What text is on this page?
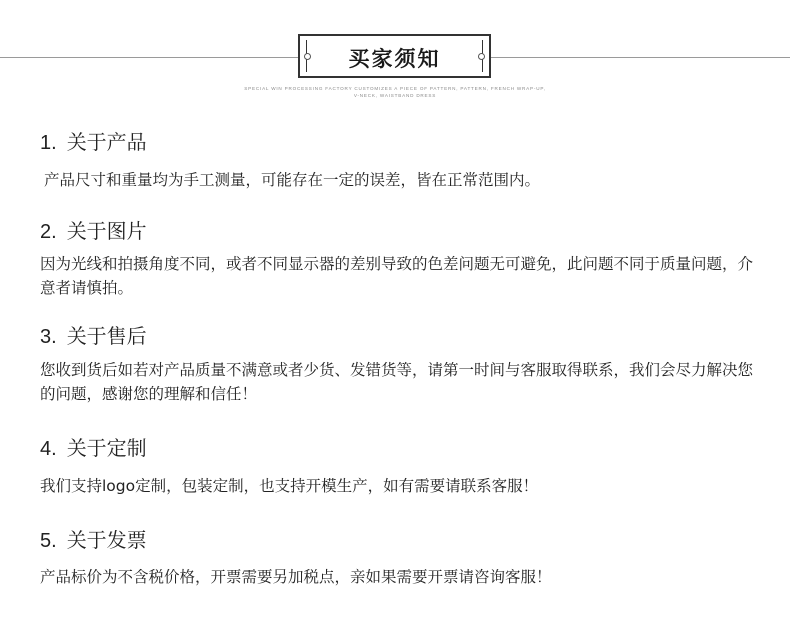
买家须知
SPECIAL WIN PROCESSING FACTORY CUSTOMIZES A PIECE OF PATTERN, PATTERN, FRENCH WRAP-UP,
V-NECK, WAISTBAND DRESS
1. 关于产品
产品尺寸和重量均为手工测量，可能存在一定的误差，皆在正常范围内。
2. 关于图片
因为光线和拍摄角度不同，或者不同显示器的差别导致的色差问题无可避免，此问题不同于质量问题，介意者请慎拍。
3. 关于售后
您收到货后如若对产品质量不满意或者少货、发错货等，请第一时间与客服取得联系，我们会尽力解决您的问题，感谢您的理解和信任！
4. 关于定制
我们支持logo定制，包装定制，也支持开模生产，如有需要请联系客服！
5. 关于发票
产品标价为不含税价格，开票需要另加税点，亲如果需要开票请咨询客服！
